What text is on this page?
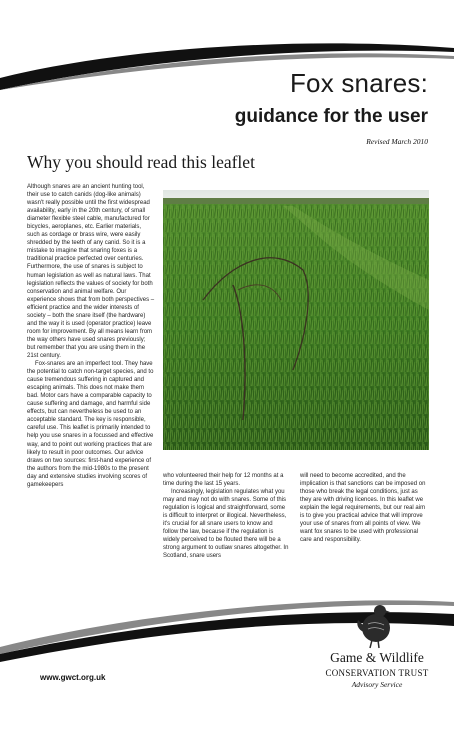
Fox snares:
guidance for the user

Revised March 2010

Why you should read this leaflet

Although snares are an ancient hunting tool, their use to catch canids (dog-like animals) wasn't really possible until the first widespread availability, early in the 20th century, of small diameter flexible steel cable, manufactured for bicycles, aeroplanes, etc. Earlier materials, such as cordage or brass wire, were easily shredded by the teeth of any canid. So it is a mistake to imagine that snaring foxes is a traditional practice perfected over centuries. Furthermore, the use of snares is subject to human legislation as well as natural laws. That legislation reflects the values of society for both conservation and animal welfare. Our experience shows that from both perspectives – efficient practice and the wider interests of society – both the snare itself (the hardware) and the way it is used (operator practice) leave room for improvement. By all means learn from the way others have used snares previously; but remember that you are using them in the 21st century.

Fox-snares are an imperfect tool. They have the potential to catch non-target species, and to cause tremendous suffering in captured and escaping animals. This does not make them bad. Motor cars have a comparable capacity to cause suffering and damage, and harmful side effects, but can nevertheless be used to an acceptable standard. The key is responsible, careful use. This leaflet is primarily intended to help you use snares in a focussed and effective way, and to point out working practices that are likely to result in poor outcomes. Our advice draws on two sources: first-hand experience of the authors from the mid-1980s to the present day and extensive studies involving scores of gamekeepers

who volunteered their help for 12 months at a time during the last 15 years.

Increasingly, legislation regulates what you may and may not do with snares. Some of this regulation is logical and straightforward, some is difficult to interpret or illogical. Nevertheless, it's crucial for all snare users to know and follow the law, because if the regulation is widely perceived to be flouted there will be a strong argument to outlaw snares altogether. In Scotland, snare users

will need to become accredited, and the implication is that sanctions can be imposed on those who break the legal conditions, just as they are with driving licences. In this leaflet we explain the legal requirements, but our real aim is to give you practical advice that will improve your use of snares from all points of view. We want fox snares to be used with professional care and responsibility.

www.gwct.org.uk

Game & Wildlife

CONSERVATION TRUST

Advisory Service
